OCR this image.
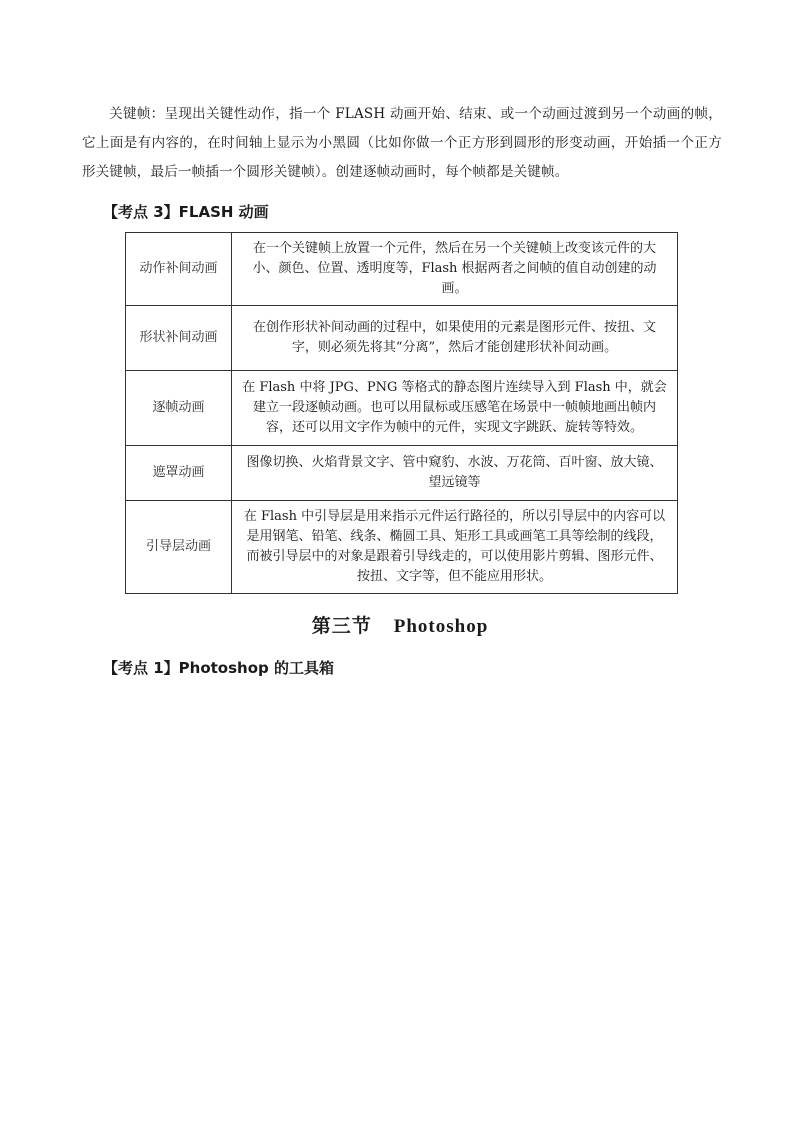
关键帧：呈现出关键性动作，指一个 FLASH 动画开始、结束、或一个动画过渡到另一个动画的帧，它上面是有内容的，在时间轴上显示为小黑圆（比如你做一个正方形到圆形的形变动画，开始插一个正方形关键帧，最后一帧插一个圆形关键帧）。创建逐帧动画时，每个帧都是关键帧。

【考点 3】FLASH 动画
动作补间动画	在一个关键帧上放置一个元件，然后在另一个关键帧上改变该元件的大小、颜色、位置、透明度等，Flash 根据两者之间帧的值自动创建的动画。
形状补间动画	在创作形状补间动画的过程中，如果使用的元素是图形元件、按扭、文字，则必须先将其“分离”，然后才能创建形状补间动画。
逐帧动画	在 Flash 中将 JPG、PNG 等格式的静态图片连续导入到 Flash 中，就会建立一段逐帧动画。也可以用鼠标或压感笔在场景中一帧帧地画出帧内容，还可以用文字作为帧中的元件，实现文字跳跃、旋转等特效。
遮罩动画	图像切换、火焰背景文字、管中窥豹、水波、万花筒、百叶窗、放大镜、望远镜等
引导层动画	在 Flash 中引导层是用来指示元件运行路径的，所以引导层中的内容可以是用钢笔、铅笔、线条、椭圆工具、矩形工具或画笔工具等绘制的线段，而被引导层中的对象是跟着引导线走的，可以使用影片剪辑、图形元件、按扭、文字等，但不能应用形状。
第三节 Photoshop
【考点 1】Photoshop 的工具箱
